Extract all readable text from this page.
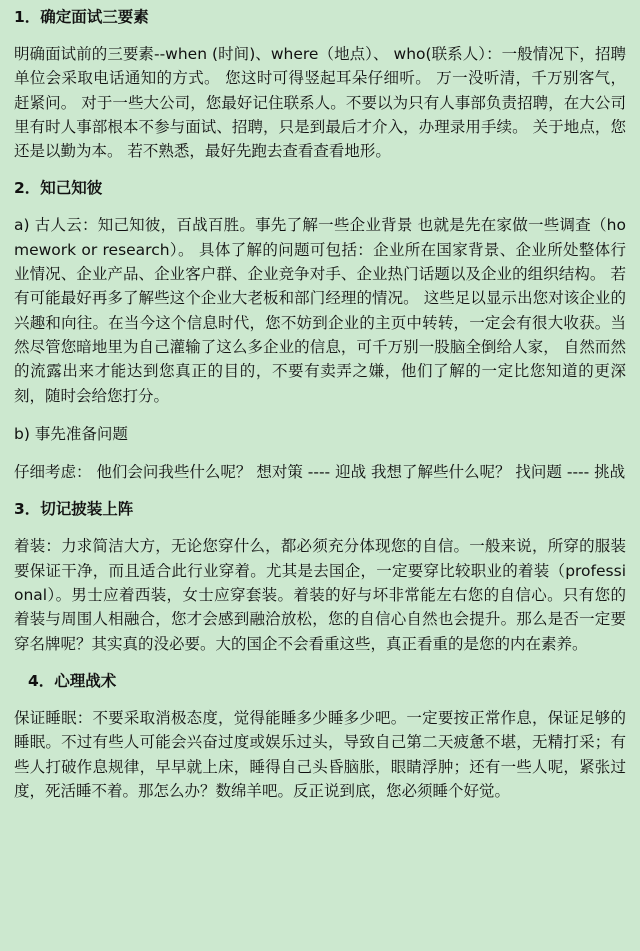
1．确定面试三要素

明确面试前的三要素--when (时间)、where（地点）、 who(联系人）：一般情况下，招聘单位会采取电话通知的方式。 您这时可得竖起耳朵仔细听。 万一没听清，千万别客气，赶紧问。 对于一些大公司，您最好记住联系人。不要以为只有人事部负责招聘，在大公司里有时人事部根本不参与面试、招聘，只是到最后才介入，办理录用手续。 关于地点，您还是以勤为本。 若不熟悉，最好先跑去查看查看地形。

2．知己知彼

a) 古人云：知己知彼，百战百胜。事先了解一些企业背景 也就是先在家做一些调查（homework or research）。 具体了解的问题可包括：企业所在国家背景、企业所处整体行业情况、企业产品、企业客户群、企业竞争对手、企业热门话题以及企业的组织结构。 若有可能最好再多了解些这个企业大老板和部门经理的情况。 这些足以显示出您对该企业的兴趣和向往。在当今这个信息时代，您不妨到企业的主页中转转，一定会有很大收获。当然尽管您暗地里为自己灌输了这么多企业的信息，可千万别一股脑全倒给人家， 自然而然的流露出来才能达到您真正的目的，不要有卖弄之嫌，他们了解的一定比您知道的更深刻，随时会给您打分。

b) 事先准备问题

仔细考虑： 他们会问我些什么呢？ 想对策 ---- 迎战 我想了解些什么呢？ 找问题 ---- 挑战

3．切记披装上阵

着装：力求简洁大方，无论您穿什么，都必须充分体现您的自信。一般来说，所穿的服装要保证干净，而且适合此行业穿着。尤其是去国企，一定要穿比较职业的着装（professional）。男士应着西装，女士应穿套装。着装的好与坏非常能左右您的自信心。只有您的着装与周围人相融合，您才会感到融洽放松，您的自信心自然也会提升。那么是否一定要穿名牌呢？其实真的没必要。大的国企不会看重这些，真正看重的是您的内在素养。

4．心理战术

保证睡眠：不要采取消极态度，觉得能睡多少睡多少吧。一定要按正常作息，保证足够的睡眠。不过有些人可能会兴奋过度或娱乐过头，导致自己第二天疲惫不堪，无精打采；有些人打破作息规律，早早就上床，睡得自己头昏脑胀，眼睛浮肿；还有一些人呢，紧张过度，死活睡不着。那怎么办？数绵羊吧。反正说到底，您必须睡个好觉。
